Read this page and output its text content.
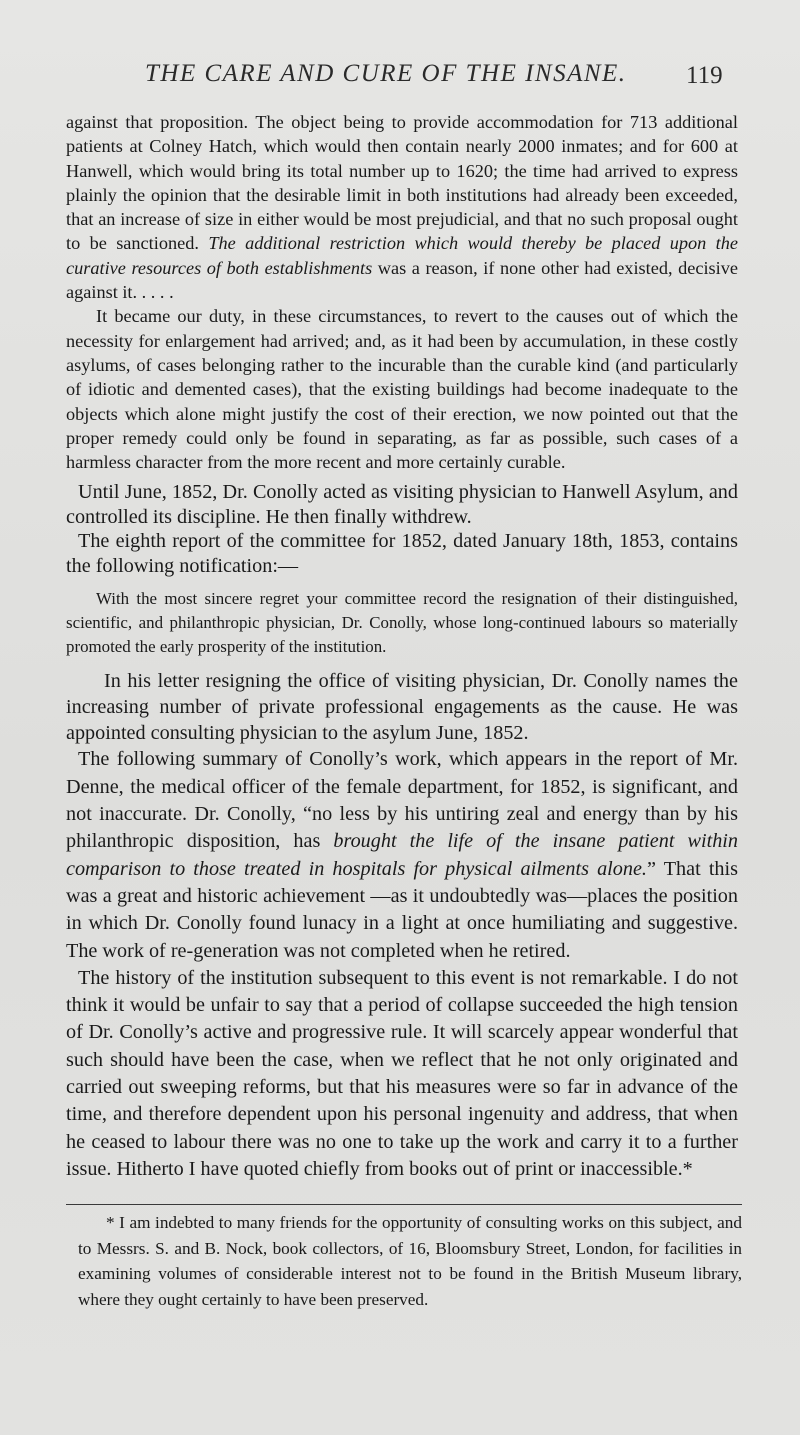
THE CARE AND CURE OF THE INSANE. 119

against that proposition. The object being to provide accommodation for 713 additional patients at Colney Hatch, which would then contain nearly 2000 inmates; and for 600 at Hanwell, which would bring its total number up to 1620; the time had arrived to express plainly the opinion that the desirable limit in both institutions had already been exceeded, that an increase of size in either would be most prejudicial, and that no such proposal ought to be sanctioned. The additional restriction which would thereby be placed upon the curative resources of both establishments was a reason, if none other had existed, decisive against it. . . . .

It became our duty, in these circumstances, to revert to the causes out of which the necessity for enlargement had arrived; and, as it had been by accumulation, in these costly asylums, of cases belonging rather to the incurable than the curable kind (and particularly of idiotic and demented cases), that the existing buildings had become inadequate to the objects which alone might justify the cost of their erection, we now pointed out that the proper remedy could only be found in separating, as far as possible, such cases of a harmless character from the more recent and more certainly curable.

Until June, 1852, Dr. Conolly acted as visiting physician to Hanwell Asylum, and controlled its discipline. He then finally withdrew.

The eighth report of the committee for 1852, dated January 18th, 1853, contains the following notification:—

With the most sincere regret your committee record the resignation of their distinguished, scientific, and philanthropic physician, Dr. Conolly, whose long-continued labours so materially promoted the early prosperity of the institution.

In his letter resigning the office of visiting physician, Dr. Conolly names the increasing number of private professional engagements as the cause. He was appointed consulting physician to the asylum June, 1852.

The following summary of Conolly’s work, which appears in the report of Mr. Denne, the medical officer of the female department, for 1852, is significant, and not inaccurate. Dr. Conolly, “no less by his untiring zeal and energy than by his philanthropic disposition, has brought the life of the insane patient within comparison to those treated in hospitals for physical ailments alone.” That this was a great and historic achievement —as it undoubtedly was—places the position in which Dr. Conolly found lunacy in a light at once humiliating and suggestive. The work of re-generation was not completed when he retired.

The history of the institution subsequent to this event is not remarkable. I do not think it would be unfair to say that a period of collapse succeeded the high tension of Dr. Conolly’s active and progressive rule. It will scarcely appear wonderful that such should have been the case, when we reflect that he not only originated and carried out sweeping reforms, but that his measures were so far in advance of the time, and therefore dependent upon his personal ingenuity and address, that when he ceased to labour there was no one to take up the work and carry it to a further issue. Hitherto I have quoted chiefly from books out of print or inaccessible.*

* I am indebted to many friends for the opportunity of consulting works on this subject, and to Messrs. S. and B. Nock, book collectors, of 16, Bloomsbury Street, London, for facilities in examining volumes of considerable interest not to be found in the British Museum library, where they ought certainly to have been preserved.
